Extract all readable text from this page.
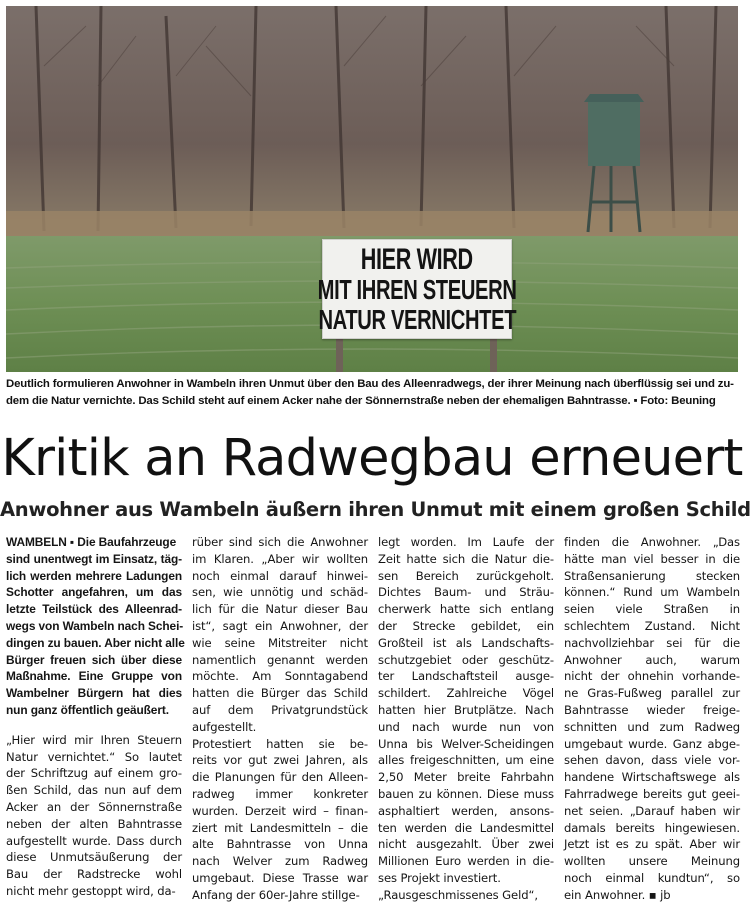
HIER WIRD
MIT IHREN STEUERN
NATUR VERNICHTET
Deutlich formulieren Anwohner in Wambeln ihren Unmut über den Bau des Alleenradwegs, der ihrer Meinung nach überflüssig sei und zu-
dem die Natur vernichte. Das Schild steht auf einem Acker nahe der Sönnernstraße neben der ehemaligen Bahntrasse. ▪ Foto: Beuning
Kritik an Radwegbau erneuert
Anwohner aus Wambeln äußern ihren Unmut mit einem großen Schild
WAMBELN ▪ Die Baufahrzeuge
sind unentwegt im Einsatz, täg-
lich werden mehrere Ladungen
Schotter angefahren, um das
letzte Teilstück des Alleenrad-
wegs von Wambeln nach Schei-
dingen zu bauen. Aber nicht alle
Bürger freuen sich über diese
Maßnahme. Eine Gruppe von
Wambelner Bürgern hat dies
nun ganz öffentlich geäußert.
„Hier wird mir Ihren Steuern
Natur vernichtet.“ So lautet
der Schriftzug auf einem gro-
ßen Schild, das nun auf dem
Acker an der Sönnernstraße
neben der alten Bahntrasse
aufgestellt wurde. Dass durch
diese Unmutsäußerung der
Bau der Radstrecke wohl
nicht mehr gestoppt wird, da-
rüber sind sich die Anwohner
im Klaren. „Aber wir wollten
noch einmal darauf hinwei-
sen, wie unnötig und schäd-
lich für die Natur dieser Bau
ist“, sagt ein Anwohner, der
wie seine Mitstreiter nicht
namentlich genannt werden
möchte. Am Sonntagabend
hatten die Bürger das Schild
auf dem Privatgrundstück
aufgestellt.
Protestiert hatten sie be-
reits vor gut zwei Jahren, als
die Planungen für den Alleen-
radweg immer konkreter
wurden. Derzeit wird – finan-
ziert mit Landesmitteln – die
alte Bahntrasse von Unna
nach Welver zum Radweg
umgebaut. Diese Trasse war
Anfang der 60er-Jahre stillge-
legt worden. Im Laufe der
Zeit hatte sich die Natur die-
sen Bereich zurückgeholt.
Dichtes Baum- und Sträu-
cherwerk hatte sich entlang
der Strecke gebildet, ein
Großteil ist als Landschafts-
schutzgebiet oder geschütz-
ter Landschaftsteil ausge-
schildert. Zahlreiche Vögel
hatten hier Brutplätze. Nach
und nach wurde nun von
Unna bis Welver-Scheidingen
alles freigeschnitten, um eine
2,50 Meter breite Fahrbahn
bauen zu können. Diese muss
asphaltiert werden, ansons-
ten werden die Landesmittel
nicht ausgezahlt. Über zwei
Millionen Euro werden in die-
ses Projekt investiert.
„Rausgeschmissenes Geld“,
finden die Anwohner. „Das
hätte man viel besser in die
Straßensanierung stecken
können.“ Rund um Wambeln
seien viele Straßen in
schlechtem Zustand. Nicht
nachvollziehbar sei für die
Anwohner auch, warum
nicht der ohnehin vorhande-
ne Gras-Fußweg parallel zur
Bahntrasse wieder freige-
schnitten und zum Radweg
umgebaut wurde. Ganz abge-
sehen davon, dass viele vor-
handene Wirtschaftswege als
Fahrradwege bereits gut geei-
net seien. „Darauf haben wir
damals bereits hingewiesen.
Jetzt ist es zu spät. Aber wir
wollten unsere Meinung
noch einmal kundtun“, so
ein Anwohner. ▪ jb
